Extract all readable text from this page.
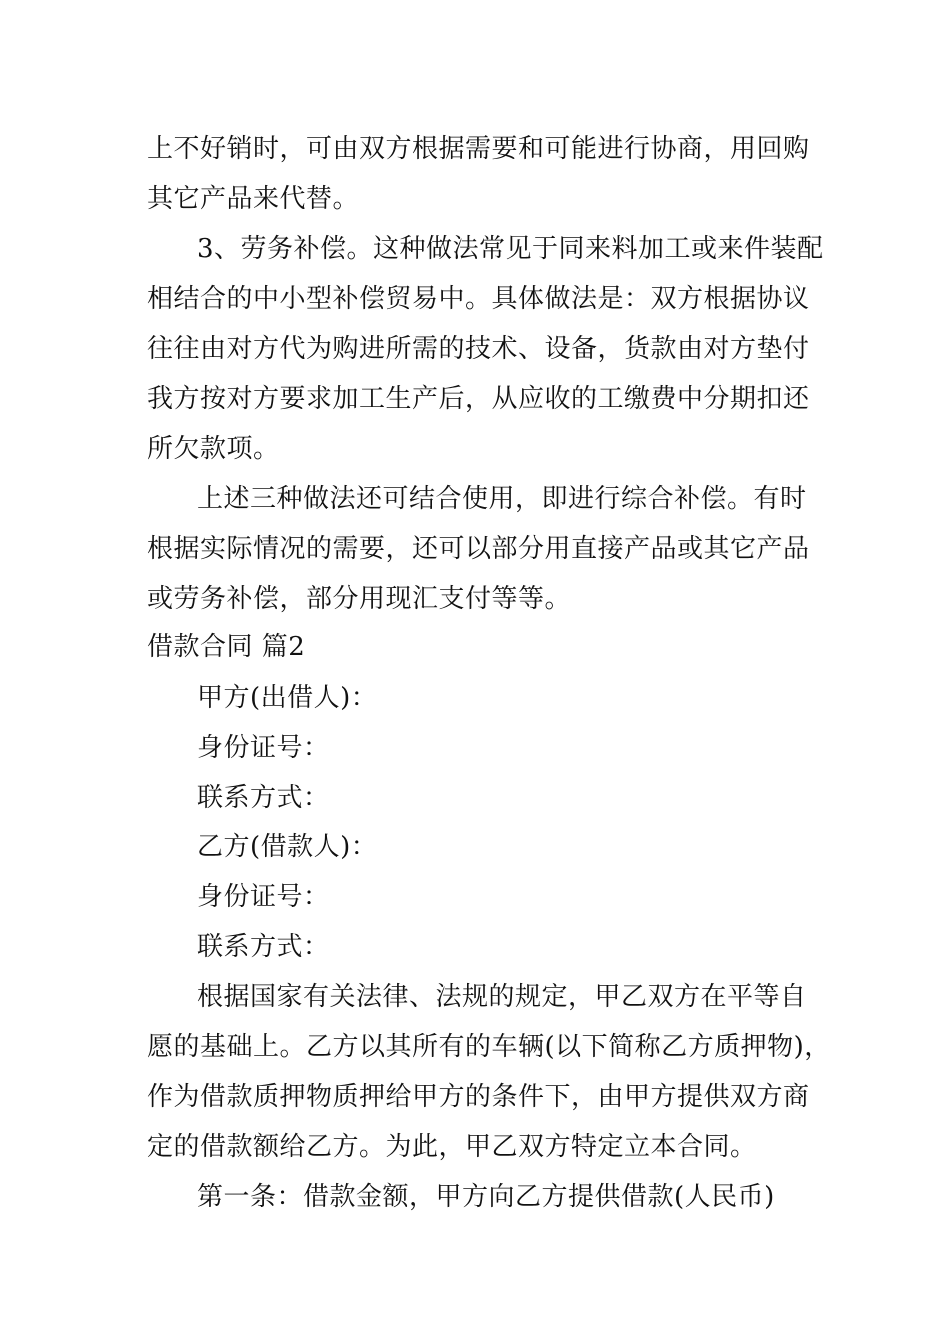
上不好销时，可由双方根据需要和可能进行协商，用回购
其它产品来代替。
3、劳务补偿。这种做法常见于同来料加工或来件装配
相结合的中小型补偿贸易中。具体做法是：双方根据协议
往往由对方代为购进所需的技术、设备，货款由对方垫付
我方按对方要求加工生产后，从应收的工缴费中分期扣还
所欠款项。
上述三种做法还可结合使用，即进行综合补偿。有时
根据实际情况的需要，还可以部分用直接产品或其它产品
或劳务补偿，部分用现汇支付等等。
借款合同 篇2
甲方(出借人)：
身份证号：
联系方式：
乙方(借款人)：
身份证号：
联系方式：
根据国家有关法律、法规的规定，甲乙双方在平等自
愿的基础上。乙方以其所有的车辆(以下简称乙方质押物)，
作为借款质押物质押给甲方的条件下，由甲方提供双方商
定的借款额给乙方。为此，甲乙双方特定立本合同。
第一条：借款金额，甲方向乙方提供借款(人民币)
